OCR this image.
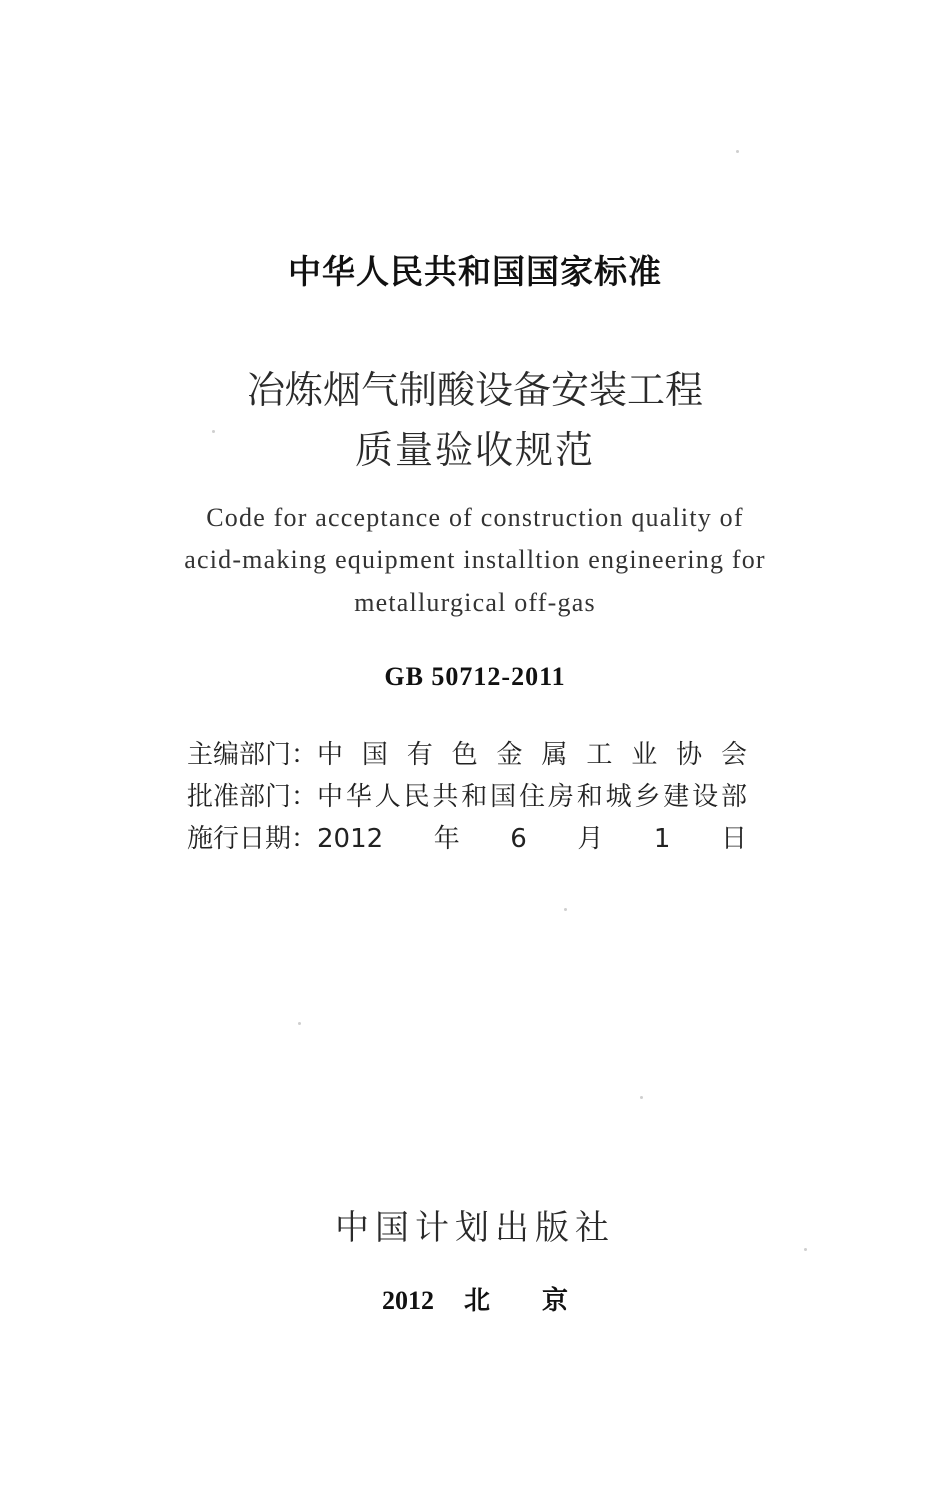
中华人民共和国国家标准
冶炼烟气制酸设备安装工程
质量验收规范
Code for acceptance of construction quality of
acid-making equipment installtion engineering for
metallurgical off-gas
GB 50712-2011
主编部门： 中国有色金属工业协会
批准部门： 中华人民共和国住房和城乡建设部
施行日期： 2012年6月1日
中国计划出版社
2012 北 京
